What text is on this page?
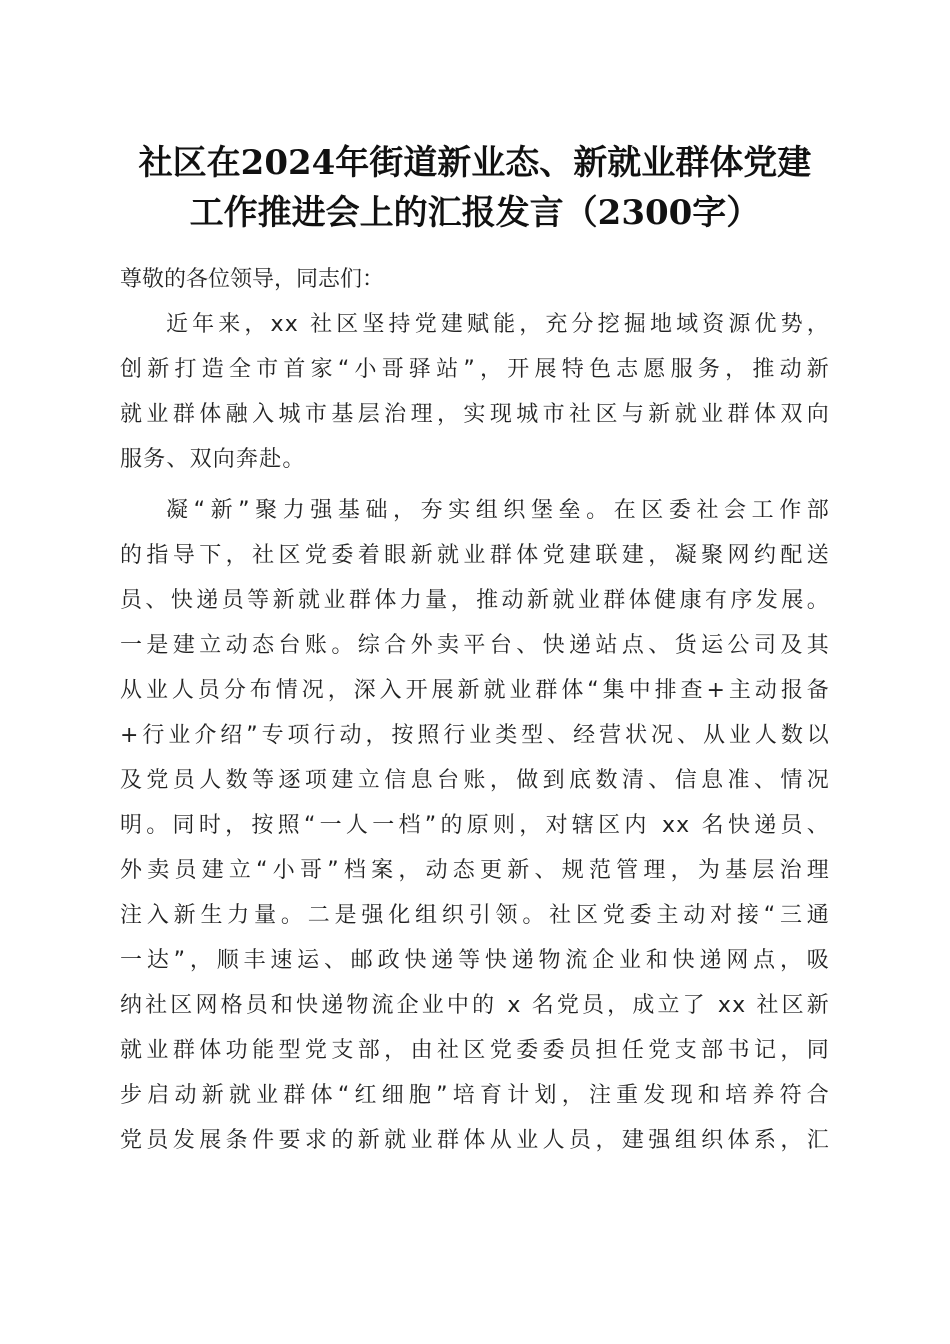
社区在2024年街道新业态、新就业群体党建
工作推进会上的汇报发言（2300字）

尊敬的各位领导，同志们：

近年来，xx 社区坚持党建赋能，充分挖掘地域资源优势，
创新打造全市首家“小哥驿站”，开展特色志愿服务，推动新
就业群体融入城市基层治理，实现城市社区与新就业群体双向
服务、双向奔赴。

凝“新”聚力强基础，夯实组织堡垒。在区委社会工作部
的指导下，社区党委着眼新就业群体党建联建，凝聚网约配送
员、快递员等新就业群体力量，推动新就业群体健康有序发展。
一是建立动态台账。综合外卖平台、快递站点、货运公司及其
从业人员分布情况，深入开展新就业群体“集中排查+主动报备
+行业介绍”专项行动，按照行业类型、经营状况、从业人数以
及党员人数等逐项建立信息台账，做到底数清、信息准、情况
明。同时，按照“一人一档”的原则，对辖区内 xx 名快递员、
外卖员建立“小哥”档案，动态更新、规范管理，为基层治理
注入新生力量。二是强化组织引领。社区党委主动对接“三通
一达”，顺丰速运、邮政快递等快递物流企业和快递网点，吸
纳社区网格员和快递物流企业中的 x 名党员，成立了 xx 社区新
就业群体功能型党支部，由社区党委委员担任党支部书记，同
步启动新就业群体“红细胞”培育计划，注重发现和培养符合
党员发展条件要求的新就业群体从业人员，建强组织体系，汇
